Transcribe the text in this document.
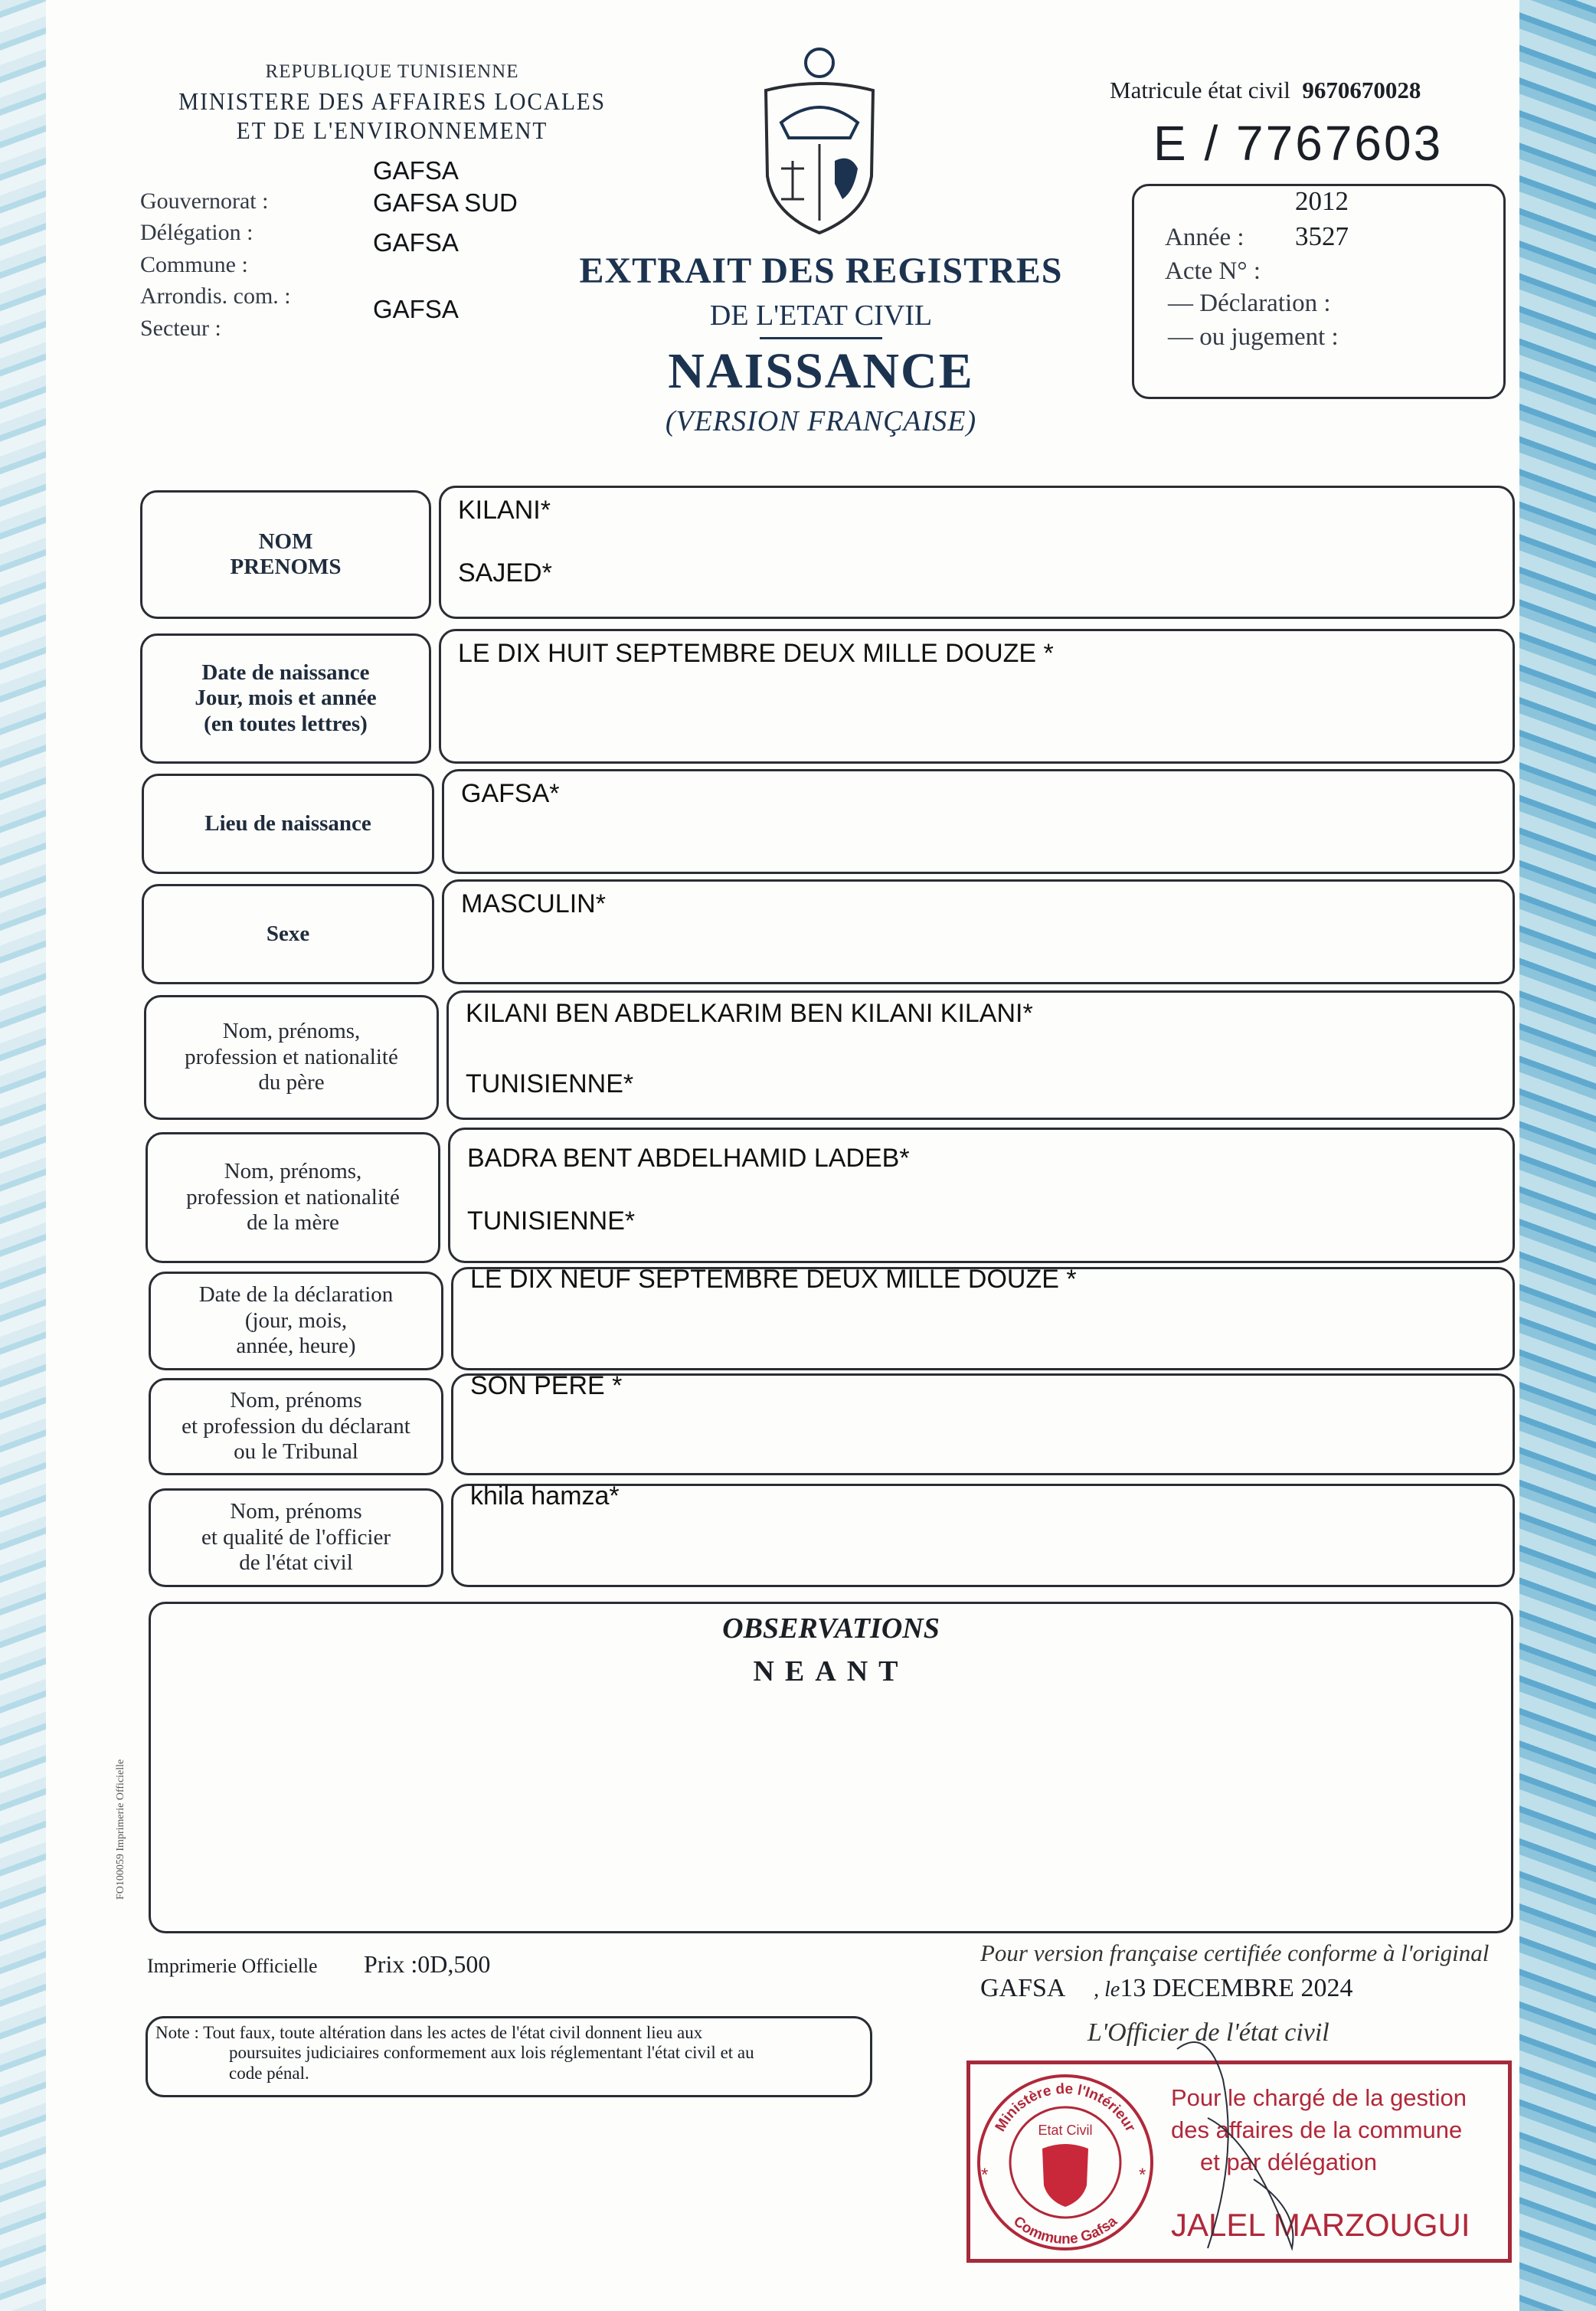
REPUBLIQUE TUNISIENNE
MINISTERE DES AFFAIRES LOCALES
ET DE L'ENVIRONNEMENT
Gouvernorat :
Délégation :
Commune :
Arrondis. com. :
Secteur :
GAFSA
GAFSA SUD
GAFSA
GAFSA
EXTRAIT DES REGISTRES
DE L'ETAT CIVIL
NAISSANCE
(VERSION FRANÇAISE)
Matricule état civil 9670670028
E / 7767603
2012
Année : 3527
Acte N° :
— Déclaration :
— ou jugement :
NOM
PRENOMS
KILANI*
SAJED*
Date de naissance
Jour, mois et année
(en toutes lettres)
LE DIX HUIT SEPTEMBRE DEUX MILLE DOUZE *
Lieu de naissance
GAFSA*
Sexe
MASCULIN*
Nom, prénoms,
profession et nationalité
du père
KILANI BEN ABDELKARIM BEN KILANI KILANI*
TUNISIENNE*
Nom, prénoms,
profession et nationalité
de la mère
BADRA BENT ABDELHAMID LADEB*
TUNISIENNE*
Date de la déclaration
(jour, mois,
année, heure)
LE DIX NEUF SEPTEMBRE DEUX MILLE DOUZE *
Nom, prénoms
et profession du déclarant
ou le Tribunal
SON PERE *
Nom, prénoms
et qualité de l'officier
de l'état civil
khila hamza*
OBSERVATIONS
NEANT
FO100059 Imprimerie Officielle
Imprimerie Officielle Prix :0D,500
Note : Tout faux, toute altération dans les actes de l'état civil donnent lieu aux
poursuites judiciaires conformement aux lois réglementant l'état civil et au
code pénal.
Pour version française certifiée conforme à l'original
GAFSA , le13 DECEMBRE 2024
L'Officier de l'état civil
Ministère de l'Intérieur
Commune Gafsa
Etat Civil
*	*
Pour le chargé de la gestion
des affaires de la commune
et par délégation
JALEL MARZOUGUI
